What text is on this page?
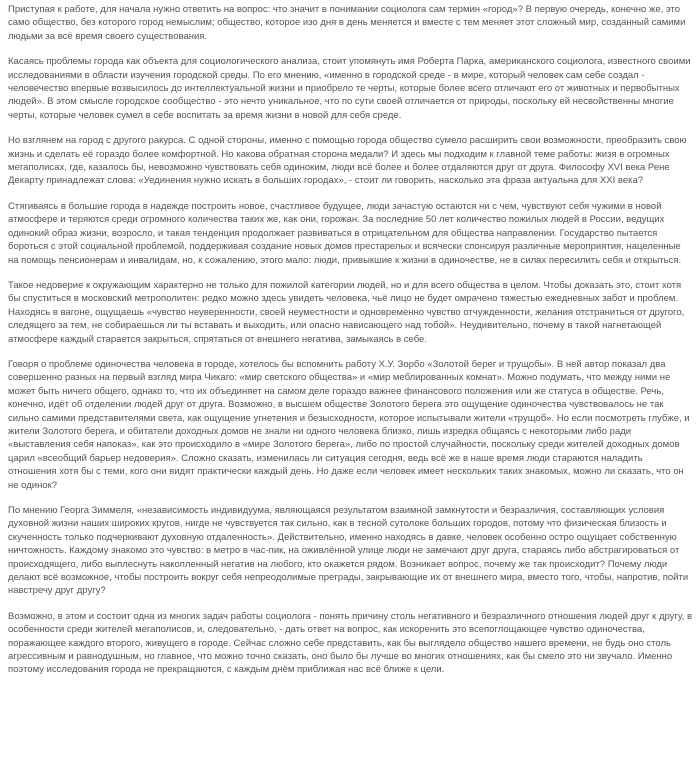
Приступая к работе, для начала нужно ответить на вопрос: что значит в понимании социолога сам термин «город»? В первую очередь, конечно же, это само общество, без которого город немыслим; общество, которое изо дня в день меняется и вместе с тем меняет этот сложный мир, созданный самими людьми за всё время своего существования.

Касаясь проблемы города как объекта для социологического анализа, стоит упомянуть имя Роберта Парка, американского социолога, известного своими исследованиями в области изучения городской среды. По его мнению, «именно в городской среде - в мире, который человек сам себе создал - человечество впервые возвысилось до интеллектуальной жизни и приобрело те черты, которые более всего отличают его от животных и первобытных людей». В этом смысле городское сообщество - это нечто уникальное, что по сути своей отличается от природы, поскольку ей несвойственны многие черты, которые человек сумел в себе воспитать за время жизни в новой для себя среде.

Но взглянем на город с другого ракурса. С одной стороны, именно с помощью города общество сумело расширить свои возможности, преобразить свою жизнь и сделать её гораздо более комфортной. Но какова обратная сторона медали? И здесь мы подходим к главной теме работы: жизя в огромных мегаполисах, где, казалось бы, невозможно чувствовать себя одиноким, люди всё более и более отдаляются друг от друга. Философу XVI века Рене Декарту принадлежат слова: «Уединения нужно искать в больших городах», - стоит ли говорить, насколько эта фраза актуальна для XXI века?

Стягиваясь в большие города в надежде построить новое, счастливое будущее, люди зачастую остаются ни с чем, чувствуют себя чужими в новой атмосфере и теряются среди огромного количества таких же, как они, горожан. За последние 50 лет количество пожилых людей в России, ведущих одинокий образ жизни, возросло, и такая тенденция продолжает развиваться в отрицательном для общества направлении. Государство пытается бороться с этой социальной проблемой, поддерживая создание новых домов престарелых и всячески спонсируя различные мероприятия, нацеленные на помощь пенсионерам и инвалидам, но, к сожалению, этого мало: люди, привыкшие к жизни в одиночестве, не в силах пересилить себя и открыться.

Такое недоверие к окружающим характерно не только для пожилой категории людей, но и для всего общества в целом. Чтобы доказать это, стоит хотя бы спуститься в московский метрополитен: редко можно здесь увидеть человека, чьё лицо не будет омрачено тяжестью ежедневных забот и проблем. Находясь в вагоне, ощущаешь «чувство неуверенности, своей неуместности и одновременно чувство отчужденности, желания отстраниться от другого, следящего за тем, не собираешься ли ты вставать и выходить, или опасно нависающего над тобой». Неудивительно, почему в такой нагнетающей атмосфере каждый старается закрыться, спрятаться от внешнего негатива, замыкаясь в себе.

Говоря о проблеме одиночества человека в городе, хотелось бы вспомнить работу Х.У. Зорбо «Золотой берег и трущобы». В ней автор показал два совершенно разных на первый взгляд мира Чикаго: «мир светского общества» и «мир меблированных комнат». Можно подумать, что между ними не может быть ничего общего, однако то, что их объединяет на самом деле гораздо важнее финансового положения или же статуса в обществе. Речь, конечно, идёт об отделении людей друг от друга. Возможно, в высшем обществе Золотого берега это ощущение одиночества чувствовалось не так сильно самими представителями света, как ощущение угнетения и безысходности, которое испытывали жители «трущоб». Но если посмотреть глубже, и жители Золотого берега, и обитатели доходных домов не знали ни одного человека близко, лишь изредка общаясь с некоторыми либо ради «выставления себя напоказ», как это происходило в «мире Золотого берега», либо по простой случайности, поскольку среди жителей доходных домов царил «всеобщий барьер недоверия». Сложно сказать, изменилась ли ситуация сегодня, ведь всё же в наше время люди стараются наладить отношения хотя бы с теми, кого они видят практически каждый день. Но даже если человек имеет нескольких таких знакомых, можно ли сказать, что он не одинок?

По мнению Георга Зиммеля, «независимость индивидуума, являющаяся результатом взаимной замкнутости и безразличия, составляющих условия духовной жизни наших широких кругов, нигде не чувствуется так сильно, как в тесной сутолоке больших городов, потому что физическая близость и скученность только подчеркивают духовную отдаленность». Действительно, именно находясь в давке, человек особенно остро ощущает собственную ничтожность. Каждому знакомо это чувство: в метро в час-пик, на оживлённой улице люди не замечают друг друга, стараясь либо абстрагироваться от происходящего, либо выплеснуть накопленный негатив на любого, кто окажется рядом. Возникает вопрос, почему же так происходит? Почему люди делают всё возможное, чтобы построить вокруг себя непреодолимые преграды, закрывающие их от внешнего мира, вместо того, чтобы, напротив, пойти навстречу друг другу?

Возможно, в этом и состоит одна из многих задач работы социолога - понять причину столь негативного и безразличного отношения людей друг к другу, в особенности среди жителей мегаполисов, и, следовательно, - дать ответ на вопрос, как искоренить это всепоглощающее чувство одиночества, поражающее каждого второго, живущего в городе. Сейчас сложно себе представить, как бы выглядело общество нашего времени, не будь оно столь агрессивным и равнодушным, но главное, что можно точно сказать, оно было бы лучше во многих отношениях, как бы смело это ни звучало. Именно поэтому исследования города не прекращаются, с каждым днём приближая нас всё ближе к цели.
